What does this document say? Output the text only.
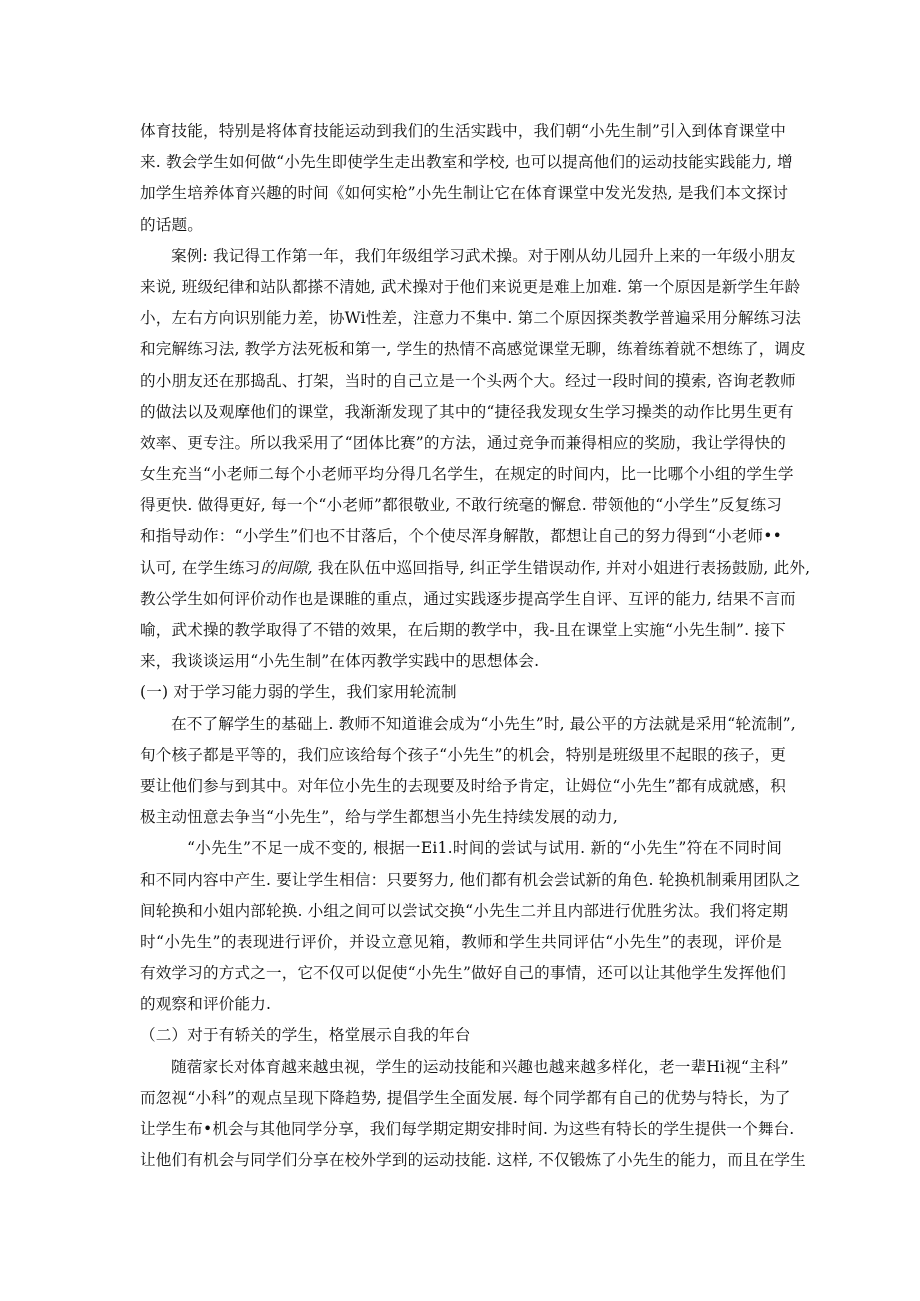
体育技能，特别是将体育技能运动到我们的生活实践中，我们朝“小先生制”引入到体育课堂中
来. 教会学生如何做“小先生即使学生走出教室和学校, 也可以提高他们的运动技能实践能力, 增
加学生培养体育兴趣的时间《如何实枪”小先生制让它在体育课堂中发光发热, 是我们本文探讨
的话题。
案例: 我记得工作第一年，我们年级组学习武术操。对于刚从幼儿园升上来的一年级小朋友
来说, 班级纪律和站队都搽不清她, 武术操对于他们来说更是难上加难. 第一个原因是新学生年龄
小，左右方向识别能力差，协Wi性差，注意力不集中. 第二个原因探类教学普遍采用分解练习法
和完解练习法, 教学方法死板和第一, 学生的热情不高感觉课堂无聊，练着练着就不想练了，调皮
的小朋友还在那捣乱、打架，当时的自己立是一个头两个大。经过一段时间的摸索, 咨询老教师
的做法以及观摩他们的课堂，我渐渐发现了其中的“捷径我发现女生学习操类的动作比男生更有
效率、更专注。所以我采用了“团体比赛”的方法，通过竞争而兼得相应的奖励，我让学得快的
女生充当“小老师二每个小老师平均分得几名学生，在规定的时间内，比一比哪个小组的学生学
得更快. 做得更好, 每一个“小老师”都很敬业, 不敢行统毫的懈怠. 带领他的“小学生”反复练习
和指导动作：“小学生”们也不甘落后，个个使尽浑身解散，都想让自己的努力得到“小老师••
认可, 在学生练习的间隙, 我在队伍中巡回指导, 纠正学生错误动作, 并对小姐进行表扬鼓励, 此外,
教公学生如何评价动作也是课睢的重点，通过实践逐步提高学生自评、互评的能力, 结果不言而
喻，武术操的教学取得了不错的效果，在后期的教学中，我-且在课堂上实施“小先生制”. 接下
来，我谈谈运用“小先生制”在体丙教学实践中的思想体会.
(一) 对于学习能力弱的学生，我们家用轮流制
在不了解学生的基础上. 教师不知道谁会成为“小先生”时, 最公平的方法就是采用“轮流制”,
旬个核子都是平等的，我们应该给每个孩子“小先生”的机会，特别是班级里不起眼的孩子，更
要让他们参与到其中。对年位小先生的去现要及时给予肯定，让姆位“小先生”都有成就感，积
极主动忸意去争当“小先生”，给与学生都想当小先生持续发展的动力,
“小先生”不足一成不变的, 根据一Ei1.时间的尝试与试用. 新的“小先生”符在不同时间
和不同内容中产生. 要让学生相信：只要努力, 他们都有机会尝试新的角色. 轮换机制乘用团队之
间轮换和小姐内部轮换. 小组之间可以尝试交换“小先生二并且内部进行优胜劣汰。我们将定期
时“小先生”的表现进行评价，并设立意见箱，教师和学生共同评估“小先生”的表现，评价是
有效学习的方式之一，它不仅可以促使“小先生”做好自己的事情，还可以让其他学生发挥他们
的观察和评价能力.
（二）对于有轿关的学生，格堂展示自我的年台
随蓿家长对体育越来越虫视，学生的运动技能和兴趣也越来越多样化，老一辈Hi视“主科”
而忽视“小科”的观点呈现下降趋势, 提倡学生全面发展. 每个同学都有自己的优势与特长，为了
让学生布•机会与其他同学分享，我们每学期定期安排时间. 为这些有特长的学生提供一个舞台.
让他们有机会与同学们分享在校外学到的运动技能. 这样, 不仅锻炼了小先生的能力，而且在学生
